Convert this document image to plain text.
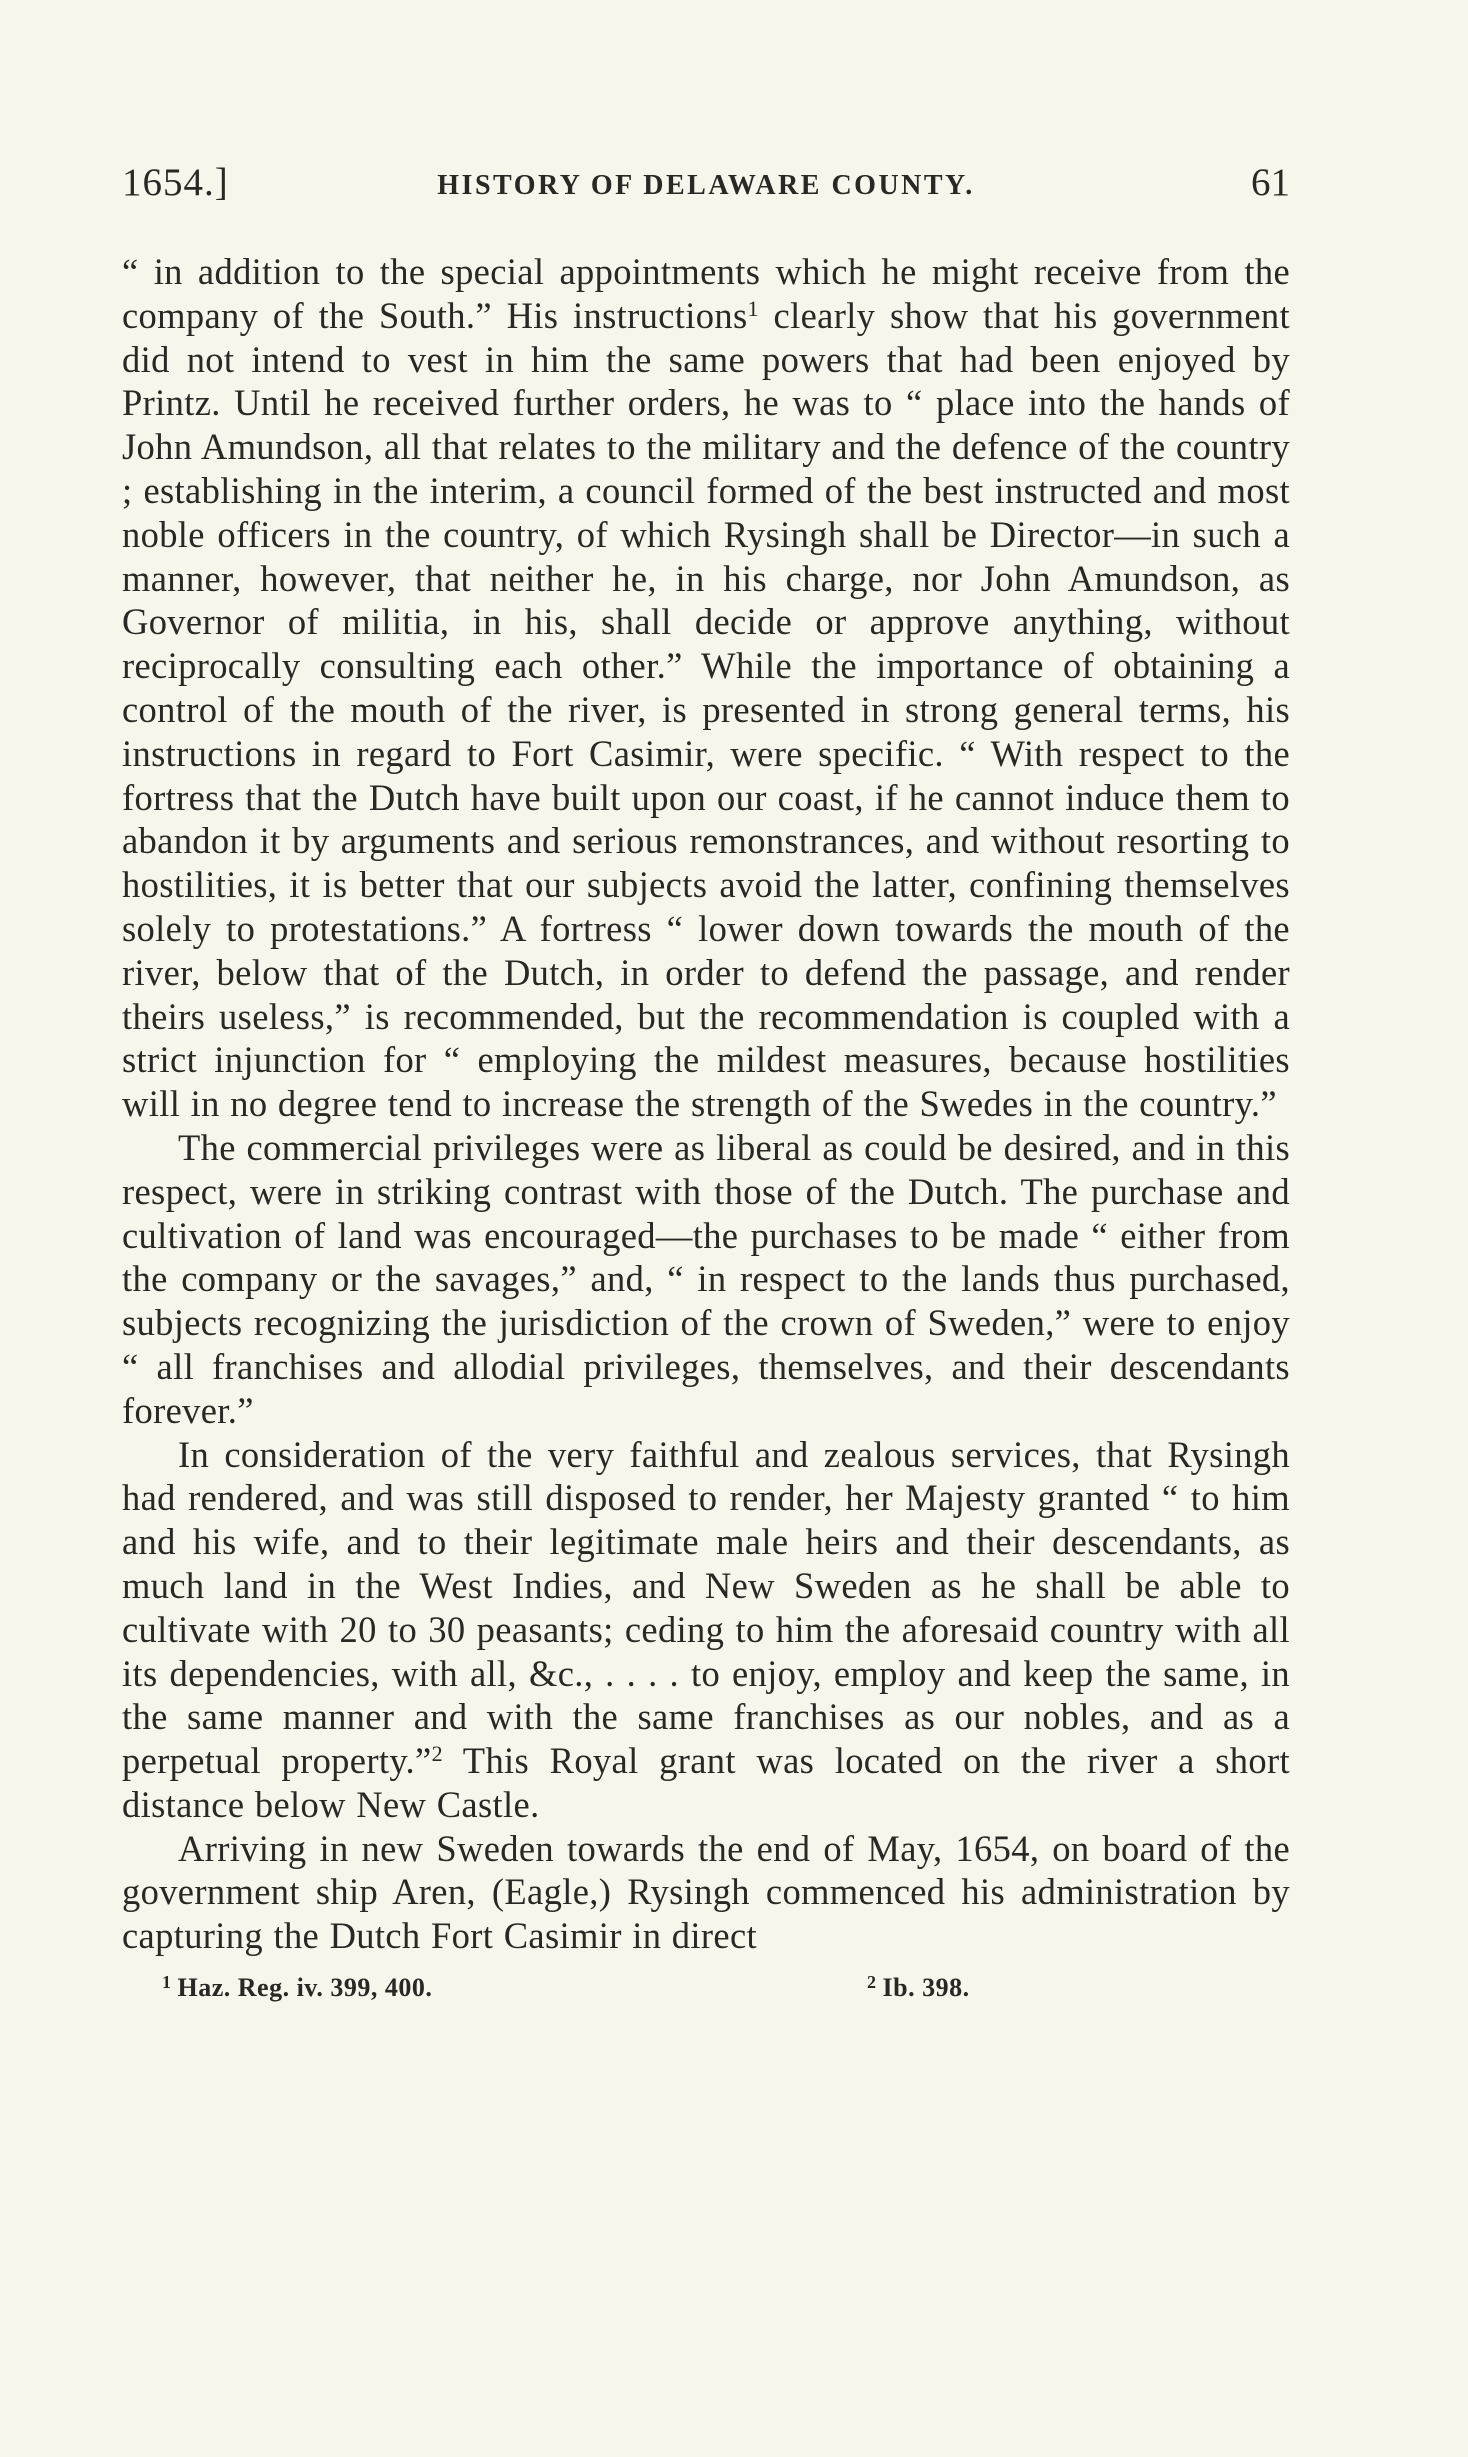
1654.]	HISTORY OF DELAWARE COUNTY.	61

“ in addition to the special appointments which he might receive from the company of the South.” His instructions$^1$ clearly show that his government did not intend to vest in him the same powers that had been enjoyed by Printz. Until he received further orders, he was to “ place into the hands of John Amundson, all that relates to the military and the defence of the country ; establishing in the interim, a council formed of the best instructed and most noble officers in the country, of which Rysingh shall be Director—in such a manner, however, that neither he, in his charge, nor John Amundson, as Governor of militia, in his, shall decide or approve anything, without reciprocally consulting each other.” While the importance of obtaining a control of the mouth of the river, is presented in strong general terms, his instructions in regard to Fort Casimir, were specific. “ With respect to the fortress that the Dutch have built upon our coast, if he cannot induce them to abandon it by arguments and serious remonstrances, and without resorting to hostilities, it is better that our subjects avoid the latter, confining themselves solely to protestations.” A fortress “ lower down towards the mouth of the river, below that of the Dutch, in order to defend the passage, and render theirs useless,” is recommended, but the recommendation is coupled with a strict injunction for “ employing the mildest measures, because hostilities will in no degree tend to increase the strength of the Swedes in the country.”

The commercial privileges were as liberal as could be desired, and in this respect, were in striking contrast with those of the Dutch. The purchase and cultivation of land was encouraged—the purchases to be made “ either from the company or the savages,” and, “ in respect to the lands thus purchased, subjects recognizing the jurisdiction of the crown of Sweden,” were to enjoy “ all franchises and allodial privileges, themselves, and their descendants forever.”

In consideration of the very faithful and zealous services, that Rysingh had rendered, and was still disposed to render, her Majesty granted “ to him and his wife, and to their legitimate male heirs and their descendants, as much land in the West Indies, and New Sweden as he shall be able to cultivate with 20 to 30 peasants; ceding to him the aforesaid country with all its dependencies, with all, &c., . . . . to enjoy, employ and keep the same, in the same manner and with the same franchises as our nobles, and as a perpetual property.”$^2$ This Royal grant was located on the river a short distance below New Castle.

Arriving in new Sweden towards the end of May, 1654, on board of the government ship Aren, (Eagle,) Rysingh commenced his administration by capturing the Dutch Fort Casimir in direct

$^1$ Haz. Reg. iv. 399, 400.	$^2$ Ib. 398.
